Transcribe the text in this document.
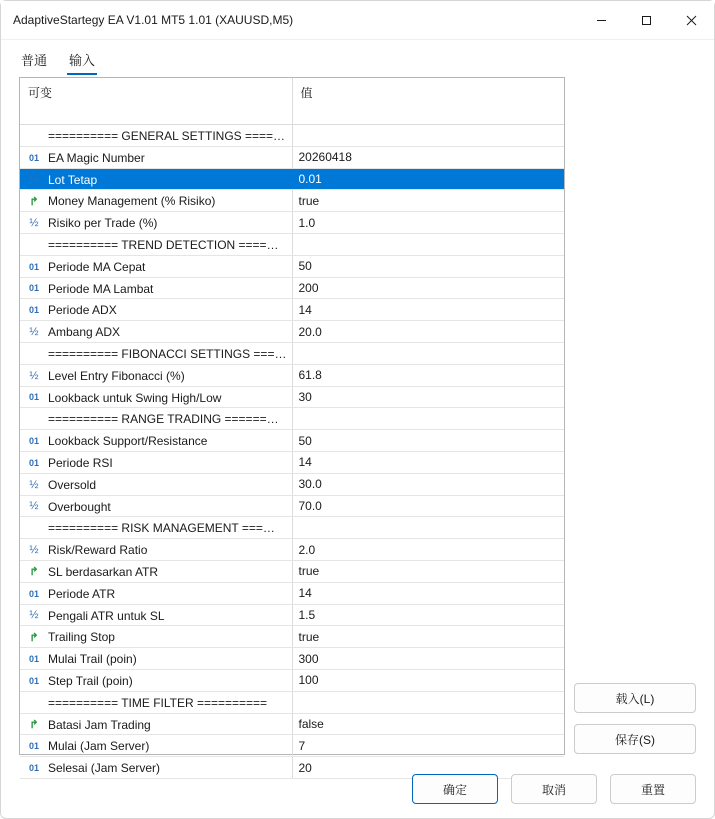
AdaptiveStartegy EA V1.01 MT5 1.01 (XAUUSD,M5)
普通 输入
可变	值
========== GENERAL SETTINGS ====…	
01 EA Magic Number	20260418
½ Lot Tetap	0.01
↱ Money Management (% Risiko)	true
½ Risiko per Trade (%)	1.0
========== TREND DETECTION ====…	
01 Periode MA Cepat	50
01 Periode MA Lambat	200
01 Periode ADX	14
½ Ambang ADX	20.0
========== FIBONACCI SETTINGS ===…	
½ Level Entry Fibonacci (%)	61.8
01 Lookback untuk Swing High/Low	30
========== RANGE TRADING ======…	
01 Lookback Support/Resistance	50
01 Periode RSI	14
½ Oversold	30.0
½ Overbought	70.0
========== RISK MANAGEMENT ===…	
½ Risk/Reward Ratio	2.0
↱ SL berdasarkan ATR	true
01 Periode ATR	14
½ Pengali ATR untuk SL	1.5
↱ Trailing Stop	true
01 Mulai Trail (poin)	300
01 Step Trail (poin)	100
========== TIME FILTER ==========	
↱ Batasi Jam Trading	false
01 Mulai (Jam Server)	7
01 Selesai (Jam Server)	20
载入(L)
保存(S)
确定	取消	重置
